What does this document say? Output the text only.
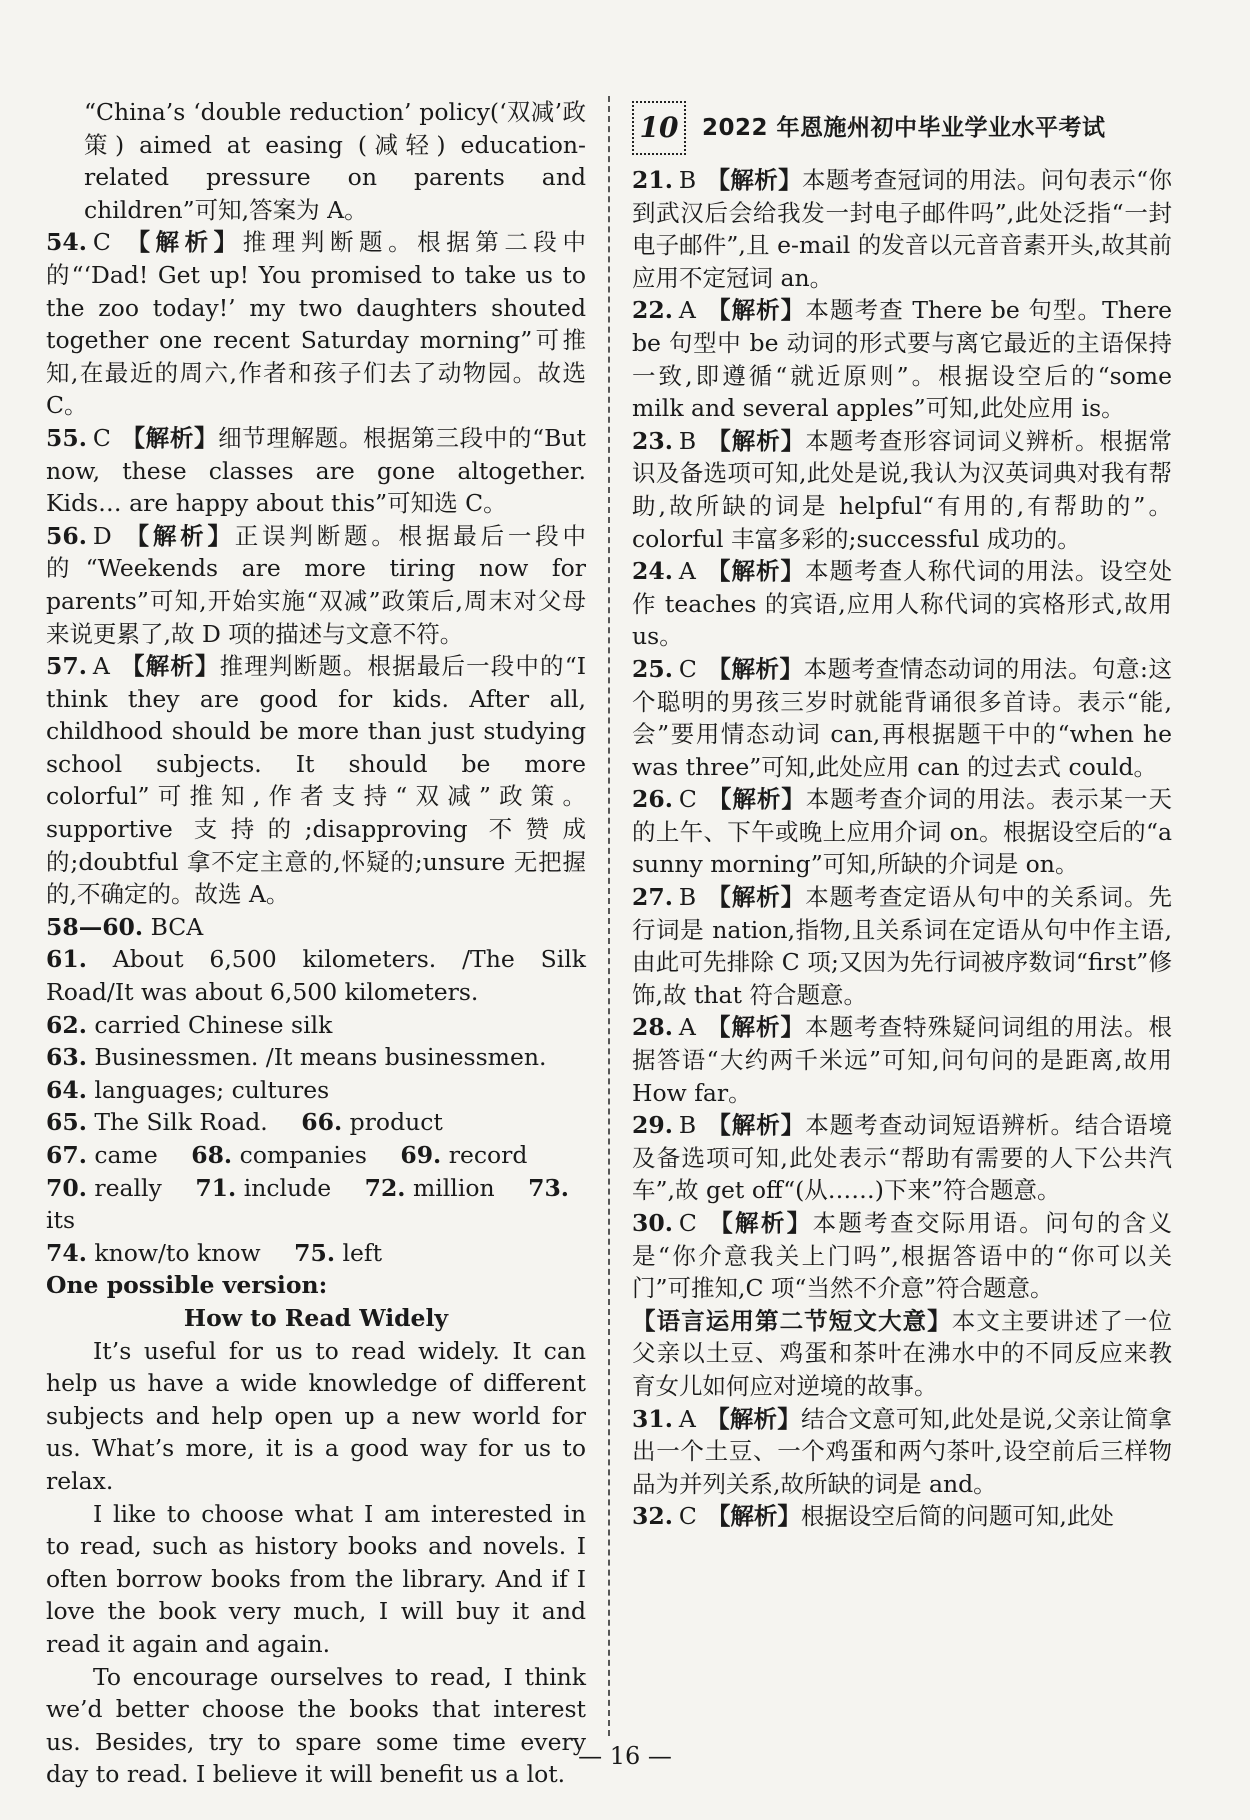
“China’s ‘double reduction’ policy(‘双减’政策) aimed at easing (减轻) education-related pressure on parents and children”可知,答案为 A。

54. C 【解析】推理判断题。根据第二段中的“‘Dad! Get up! You promised to take us to the zoo today!’ my two daughters shouted together one recent Saturday morning”可推知,在最近的周六,作者和孩子们去了动物园。故选 C。

55. C 【解析】细节理解题。根据第三段中的“But now, these classes are gone altogether. Kids… are happy about this”可知选 C。

56. D 【解析】正误判断题。根据最后一段中的“Weekends are more tiring now for parents”可知,开始实施“双减”政策后,周末对父母来说更累了,故 D 项的描述与文意不符。

57. A 【解析】推理判断题。根据最后一段中的“I think they are good for kids. After all, childhood should be more than just studying school subjects. It should be more colorful”可推知,作者支持“双减”政策。supportive 支持的;disapproving 不赞成的;doubtful 拿不定主意的,怀疑的;unsure 无把握的,不确定的。故选 A。

58—60. BCA

61. About 6,500 kilometers. /The Silk Road/It was about 6,500 kilometers.

62. carried Chinese silk

63. Businessmen. /It means businessmen.

64. languages; cultures

65. The Silk Road. 66. product

67. came 68. companies 69. record

70. really 71. include 72. million 73. its

74. know/to know 75. left

One possible version:

How to Read Widely

It’s useful for us to read widely. It can help us have a wide knowledge of different subjects and help open up a new world for us. What’s more, it is a good way for us to relax.

I like to choose what I am interested in to read, such as history books and novels. I often borrow books from the library. And if I love the book very much, I will buy it and read it again and again.

To encourage ourselves to read, I think we’d better choose the books that interest us. Besides, try to spare some time every day to read. I believe it will benefit us a lot.

10	2022 年恩施州初中毕业学业水平考试

21. B 【解析】本题考查冠词的用法。问句表示“你到武汉后会给我发一封电子邮件吗”,此处泛指“一封电子邮件”,且 e-mail 的发音以元音音素开头,故其前应用不定冠词 an。

22. A 【解析】本题考查 There be 句型。There be 句型中 be 动词的形式要与离它最近的主语保持一致,即遵循“就近原则”。根据设空后的“some milk and several apples”可知,此处应用 is。

23. B 【解析】本题考查形容词词义辨析。根据常识及备选项可知,此处是说,我认为汉英词典对我有帮助,故所缺的词是 helpful“有用的,有帮助的”。colorful 丰富多彩的;successful 成功的。

24. A 【解析】本题考查人称代词的用法。设空处作 teaches 的宾语,应用人称代词的宾格形式,故用 us。

25. C 【解析】本题考查情态动词的用法。句意:这个聪明的男孩三岁时就能背诵很多首诗。表示“能,会”要用情态动词 can,再根据题干中的“when he was three”可知,此处应用 can 的过去式 could。

26. C 【解析】本题考查介词的用法。表示某一天的上午、下午或晚上应用介词 on。根据设空后的“a sunny morning”可知,所缺的介词是 on。

27. B 【解析】本题考查定语从句中的关系词。先行词是 nation,指物,且关系词在定语从句中作主语,由此可先排除 C 项;又因为先行词被序数词“first”修饰,故 that 符合题意。

28. A 【解析】本题考查特殊疑问词组的用法。根据答语“大约两千米远”可知,问句问的是距离,故用 How far。

29. B 【解析】本题考查动词短语辨析。结合语境及备选项可知,此处表示“帮助有需要的人下公共汽车”,故 get off“(从……)下来”符合题意。

30. C 【解析】本题考查交际用语。问句的含义是“你介意我关上门吗”,根据答语中的“你可以关门”可推知,C 项“当然不介意”符合题意。

【语言运用第二节短文大意】本文主要讲述了一位父亲以土豆、鸡蛋和茶叶在沸水中的不同反应来教育女儿如何应对逆境的故事。

31. A 【解析】结合文意可知,此处是说,父亲让简拿出一个土豆、一个鸡蛋和两勺茶叶,设空前后三样物品为并列关系,故所缺的词是 and。

32. C 【解析】根据设空后简的问题可知,此处

— 16 —
